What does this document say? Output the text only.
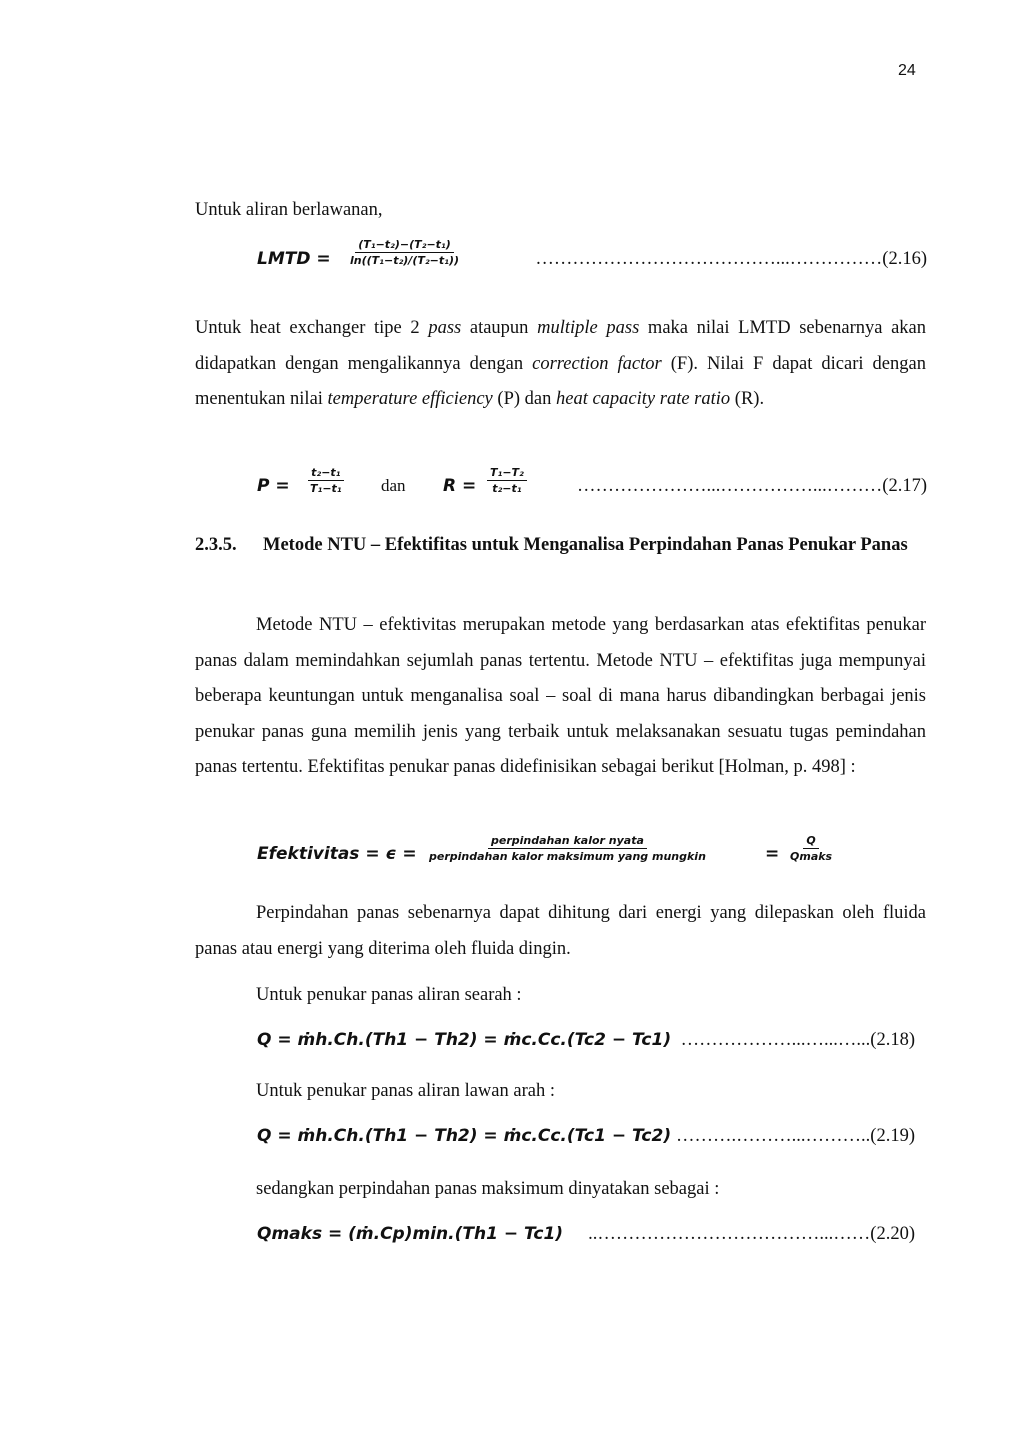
24

Untuk aliran berlawanan,

LMTD = $\frac{\text{(T₁−t₂)−(T₂−t₁)}}{\text{ln((T₁−t₂)/(T₂−t₁))}}$	…………………………………...……………(2.16)

Untuk heat exchanger tipe 2 pass ataupun multiple pass maka nilai LMTD sebenarnya akan didapatkan dengan mengalikannya dengan correction factor (F). Nilai F dapat dicari dengan menentukan nilai temperature efficiency (P) dan heat capacity rate ratio (R).

$P = \frac{\text{t₂−t₁}}{\text{T₁−t₁}}$ dan $R = \frac{\text{T₁−T₂}}{\text{t₂−t₁}}$	…………………...……………...………(2.17)

2.3.5. Metode NTU – Efektifitas untuk Menganalisa Perpindahan Panas Penukar Panas

Metode NTU – efektivitas merupakan metode yang berdasarkan atas efektifitas penukar panas dalam memindahkan sejumlah panas tertentu. Metode NTU – efektifitas juga mempunyai beberapa keuntungan untuk menganalisa soal – soal di mana harus dibandingkan berbagai jenis penukar panas guna memilih jenis yang terbaik untuk melaksanakan sesuatu tugas pemindahan panas tertentu. Efektifitas penukar panas didefinisikan sebagai berikut [Holman, p. 498] :

Efektivitas = ϵ =
perpindahan kalor nyata
perpindahan kalor maksimum yang mungkin	=
Q
Qmaks

Perpindahan panas sebenarnya dapat dihitung dari energi yang dilepaskan oleh fluida panas atau energi yang diterima oleh fluida dingin.

Untuk penukar panas aliran searah :

Q = ṁh.Ch.(Th1 − Th2) = ṁc.Cc.(Tc2 − Tc1) ………………...…...…...(2.18)

Untuk penukar panas aliran lawan arah :

Q = ṁh.Ch.(Th1 − Th2) = ṁc.Cc.(Tc1 − Tc2) ……….………...………..(2.19)

sedangkan perpindahan panas maksimum dinyatakan sebagai :

Qmaks = (ṁ.Cp)min.(Th1 − Tc1) ..………………………………...……(2.20)
